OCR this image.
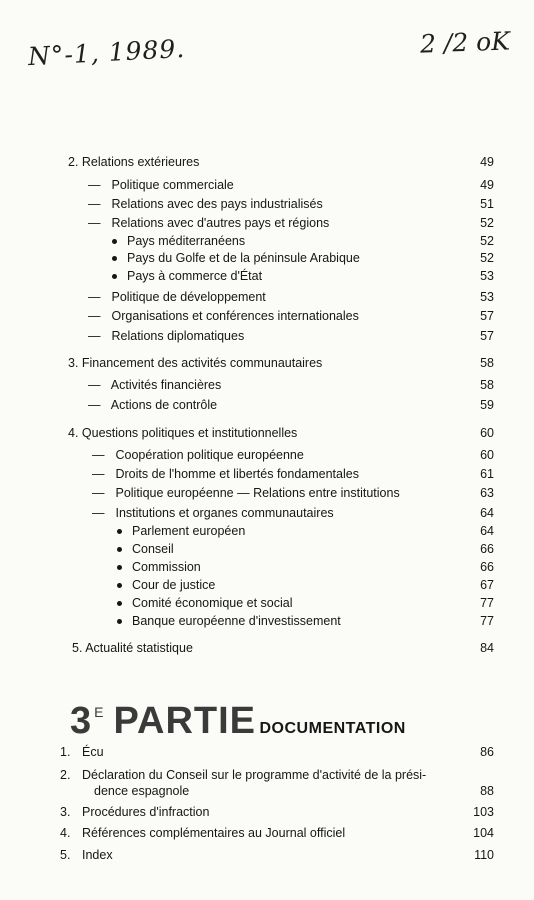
N°-1, 1989.	2 /2 oK
2. Relations extérieures	49
— Politique commerciale	49
— Relations avec des pays industrialisés	51
— Relations avec d'autres pays et régions	52
Pays méditerranéens	52
Pays du Golfe et de la péninsule Arabique	52
Pays à commerce d'État	53
— Politique de développement	53
— Organisations et conférences internationales	57
— Relations diplomatiques	57
3. Financement des activités communautaires	58
— Activités financières	58
— Actions de contrôle	59
4. Questions politiques et institutionnelles	60
— Coopération politique européenne	60
— Droits de l'homme et libertés fondamentales	61
— Politique européenne — Relations entre institutions	63
— Institutions et organes communautaires	64
Parlement européen	64
Conseil	66
Commission	66
Cour de justice	67
Comité économique et social	77
Banque européenne d'investissement	77
5. Actualité statistique	84
3 E PARTIE DOCUMENTATION
1. Écu	86
2. Déclaration du Conseil sur le programme d'activité de la prési-
dence espagnole	88
3. Procédures d'infraction	103
4. Références complémentaires au Journal officiel	104
5. Index	110
